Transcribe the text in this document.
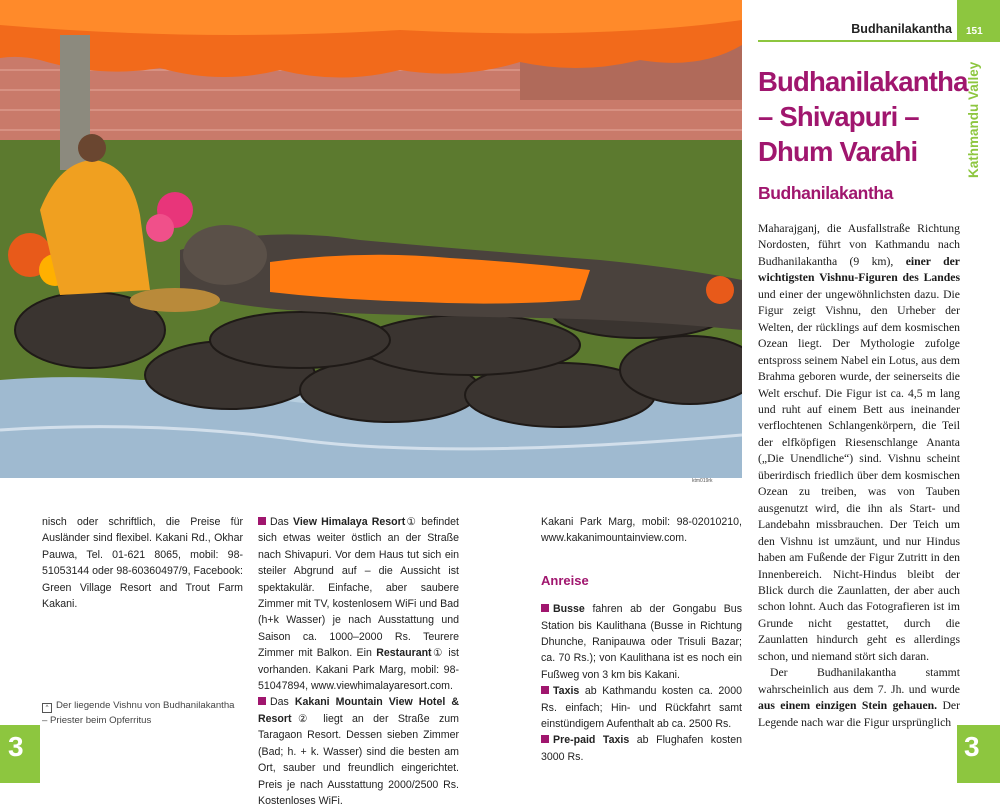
ktm019rk

nisch oder schriftlich, die Preise für Ausländer sind flexibel. Kakani Rd., Okhar Pauwa, Tel. 01-621 8065, mobil: 98-51053144 oder 98-60360497/9, Facebook: Green Village Resort and Trout Farm Kakani.

Das View Himalaya Resort① befindet sich etwas weiter östlich an der Straße nach Shivapuri. Vor dem Haus tut sich ein steiler Abgrund auf – die Aussicht ist spektakulär. Einfache, aber saubere Zimmer mit TV, kostenlosem WiFi und Bad (h+k Wasser) je nach Ausstattung und Saison ca. 1000–2000 Rs. Teurere Zimmer mit Balkon. Ein Restaurant① ist vorhanden. Kakani Park Marg, mobil: 98-51047894, www.viewhimalayaresort.com.

Das Kakani Mountain View Hotel & Resort② liegt an der Straße zum Taragaon Resort. Dessen sieben Zimmer (Bad; h. + k. Wasser) sind die besten am Ort, sauber und freundlich eingerichtet. Preis je nach Ausstattung 2000/2500 Rs. Kostenloses WiFi.

Kakani Park Marg, mobil: 98-02010210, www.kakanimountainview.com.

Anreise

Busse fahren ab der Gongabu Bus Station bis Kaulithana (Busse in Richtung Dhunche, Ranipauwa oder Trisuli Bazar; ca. 70 Rs.); von Kaulithana ist es noch ein Fußweg von 3 km bis Kakani.

Taxis ab Kathmandu kosten ca. 2000 Rs. einfach; Hin- und Rückfahrt samt einstündigem Aufenthalt ab ca. 2500 Rs.

Pre-paid Taxis ab Flughafen kosten 3000 Rs.

^ Der liegende Vishnu von Budhanilakantha – Priester beim Opferritus
3
Budhanilakantha 151
Kathmandu Valley
Budhanilakantha
– Shivapuri –
Dhum Varahi
Budhanilakantha

Maharajganj, die Ausfallstraße Richtung Nordosten, führt von Kathmandu nach Budhanilakantha (9 km), einer der wichtigsten Vishnu-Figuren des Landes und einer der ungewöhnlichsten dazu. Die Figur zeigt Vishnu, den Urheber der Welten, der rücklings auf dem kosmischen Ozean liegt. Der Mythologie zufolge entspross seinem Nabel ein Lotus, aus dem Brahma geboren wurde, der seinerseits die Welt erschuf. Die Figur ist ca. 4,5 m lang und ruht auf einem Bett aus ineinander verflochtenen Schlangenkörpern, die Teil der elfköpfigen Riesenschlange Ananta („Die Unendliche“) sind. Vishnu scheint überirdisch friedlich über dem kosmischen Ozean zu treiben, was von Tauben ausgenutzt wird, die ihn als Start- und Landebahn missbrauchen. Der Teich um den Vishnu ist umzäunt, und nur Hindus haben am Fußende der Figur Zutritt in den Innenbereich. Nicht-Hindus bleibt der Blick durch die Zaunlatten, der aber auch schon lohnt. Auch das Fotografieren ist im Grunde nicht gestattet, durch die Zaunlatten hindurch geht es allerdings schon, und niemand stört sich daran.

Der Budhanilakantha stammt wahrscheinlich aus dem 7. Jh. und wurde aus einem einzigen Stein gehauen. Der Legende nach war die Figur ursprünglich

3
